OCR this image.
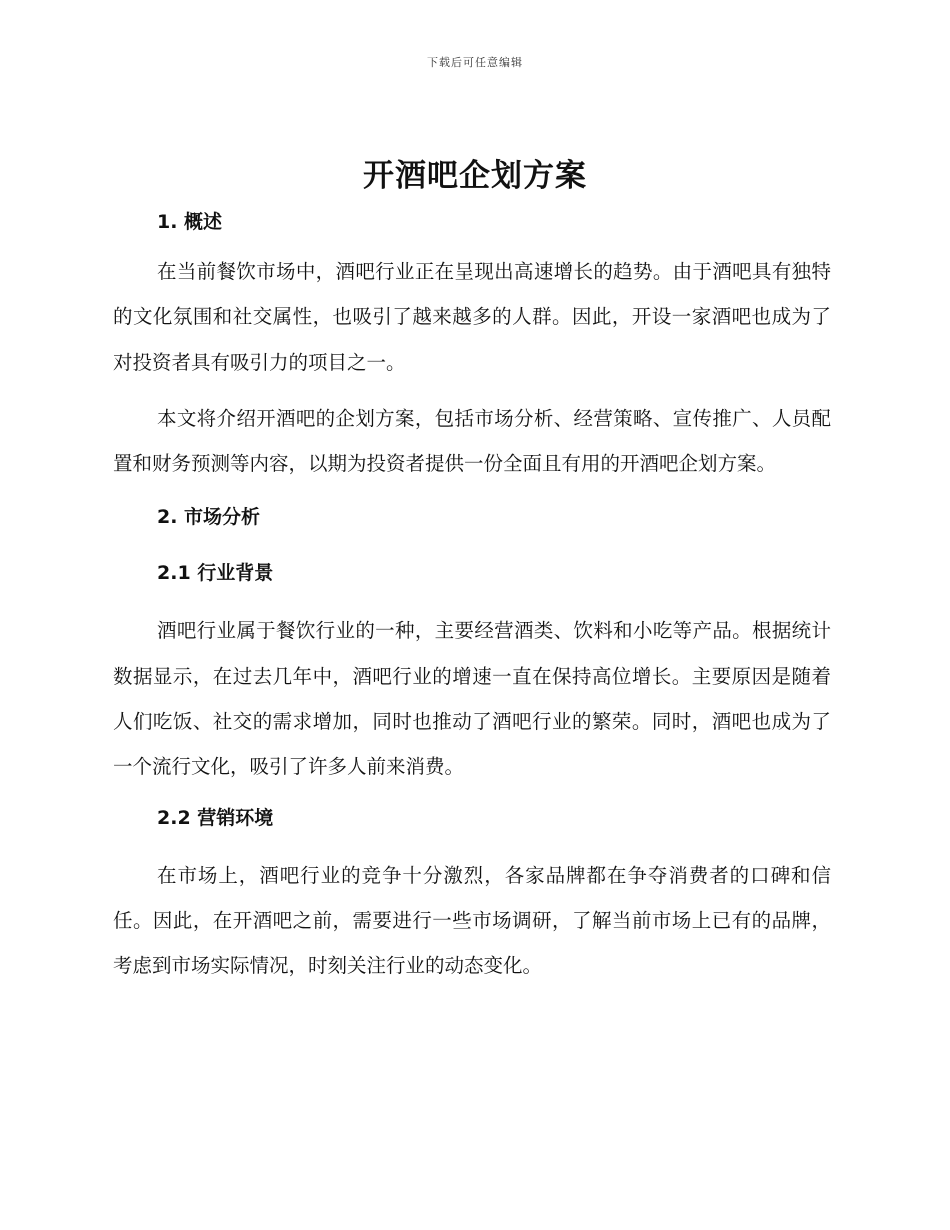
下载后可任意编辑
开酒吧企划方案

1. 概述

在当前餐饮市场中，酒吧行业正在呈现出高速增长的趋势。由于酒吧具有独特的文化氛围和社交属性，也吸引了越来越多的人群。因此，开设一家酒吧也成为了对投资者具有吸引力的项目之一。

本文将介绍开酒吧的企划方案，包括市场分析、经营策略、宣传推广、人员配置和财务预测等内容，以期为投资者提供一份全面且有用的开酒吧企划方案。

2. 市场分析

2.1 行业背景

酒吧行业属于餐饮行业的一种，主要经营酒类、饮料和小吃等产品。根据统计数据显示，在过去几年中，酒吧行业的增速一直在保持高位增长。主要原因是随着人们吃饭、社交的需求增加，同时也推动了酒吧行业的繁荣。同时，酒吧也成为了一个流行文化，吸引了许多人前来消费。

2.2 营销环境

在市场上，酒吧行业的竞争十分激烈，各家品牌都在争夺消费者的口碑和信任。因此，在开酒吧之前，需要进行一些市场调研，了解当前市场上已有的品牌，考虑到市场实际情况，时刻关注行业的动态变化。
